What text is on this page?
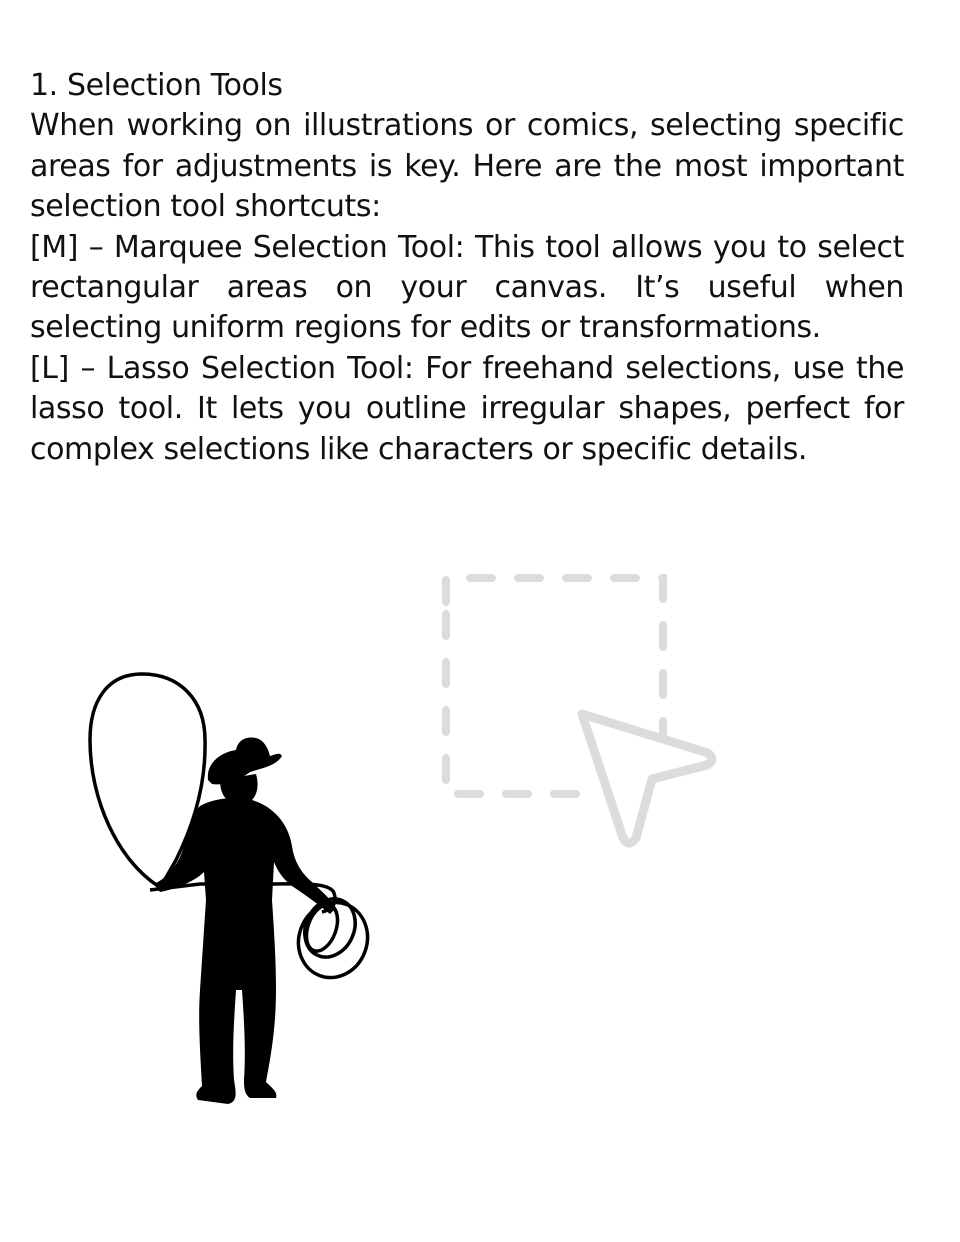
1. Selection Tools

When working on illustrations or comics, selecting specific areas for adjustments is key. Here are the most important selection tool shortcuts:

[M] – Marquee Selection Tool: This tool allows you to select rectangular areas on your canvas. It’s useful when selecting uniform regions for edits or transformations.

[L] – Lasso Selection Tool: For freehand selections, use the lasso tool. It lets you outline irregular shapes, perfect for complex selections like characters or specific details.
